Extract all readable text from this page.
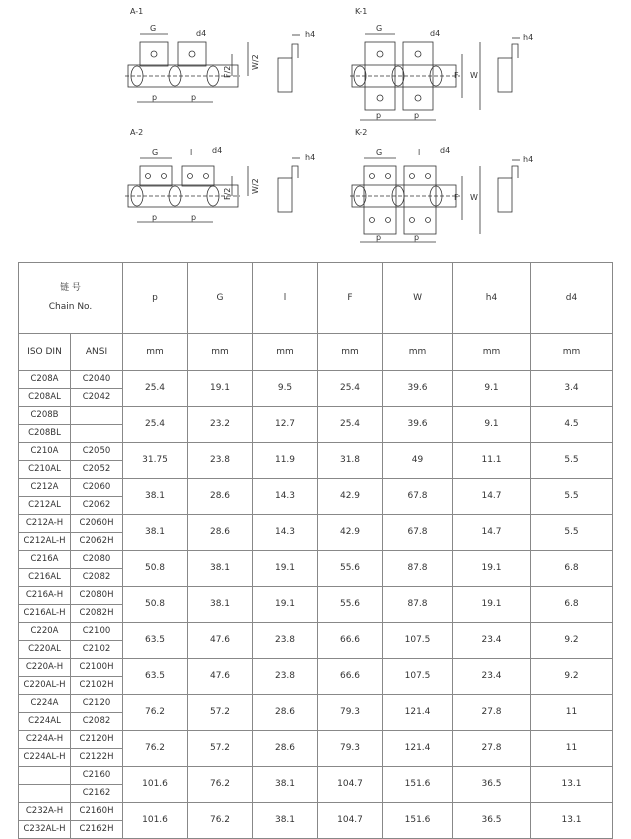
A-1
G
d4
p	p
F/2
W/2
h4
K-1
G
d4
p	p
F W
h4
A-2
G	l d4
p	p
F/2 W/2
h4
K-2
G	l d4
p	p
F W
h4
链 号
Chain No.		p	G	l	F	W	h4	d4
ISO DIN	ANSI	mm	mm	mm	mm	mm	mm	mm
C208A	C2040	25.4	19.1	9.5	25.4	39.6	9.1	3.4
C208AL	C2042							
C208B		25.4	23.2	12.7	25.4	39.6	9.1	4.5
C208BL								
C210A	C2050	31.75	23.8	11.9	31.8	49	11.1	5.5
C210AL	C2052							
C212A	C2060	38.1	28.6	14.3	42.9	67.8	14.7	5.5
C212AL	C2062							
C212A-H	C2060H	38.1	28.6	14.3	42.9	67.8	14.7	5.5
C212AL-H	C2062H							
C216A	C2080	50.8	38.1	19.1	55.6	87.8	19.1	6.8
C216AL	C2082							
C216A-H	C2080H	50.8	38.1	19.1	55.6	87.8	19.1	6.8
C216AL-H	C2082H							
C220A	C2100	63.5	47.6	23.8	66.6	107.5	23.4	9.2
C220AL	C2102							
C220A-H	C2100H	63.5	47.6	23.8	66.6	107.5	23.4	9.2
C220AL-H	C2102H							
C224A	C2120	76.2	57.2	28.6	79.3	121.4	27.8	11
C224AL	C2082							
C224A-H	C2120H	76.2	57.2	28.6	79.3	121.4	27.8	11
C224AL-H	C2122H							
	C2160	101.6	76.2	38.1	104.7	151.6	36.5	13.1
	C2162							
C232A-H	C2160H	101.6	76.2	38.1	104.7	151.6	36.5	13.1
C232AL-H	C2162H							
